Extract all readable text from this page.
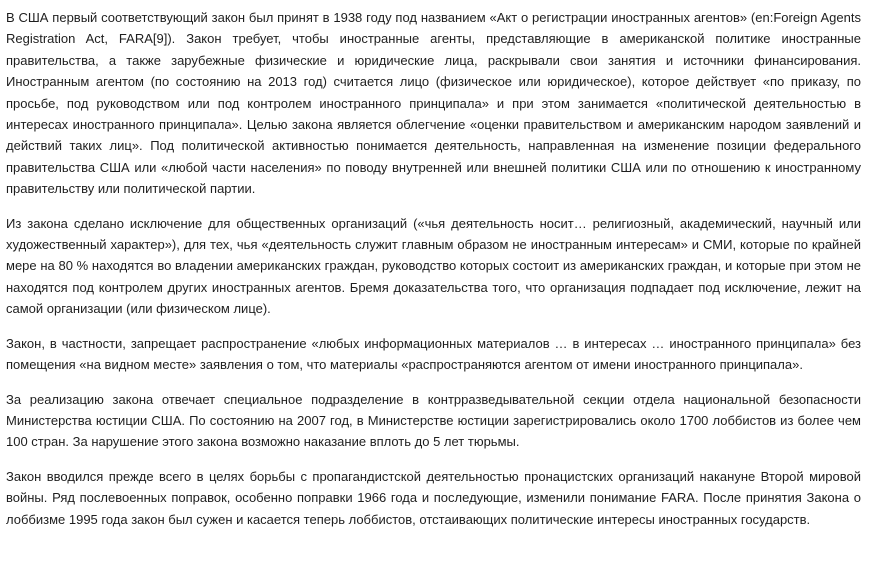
В США первый соответствующий закон был принят в 1938 году под названием «Акт о регистрации иностранных агентов» (en:Foreign Agents Registration Act, FARA[9]). Закон требует, чтобы иностранные агенты, представляющие в американской политике иностранные правительства, а также зарубежные физические и юридические лица, раскрывали свои занятия и источники финансирования. Иностранным агентом (по состоянию на 2013 год) считается лицо (физическое или юридическое), которое действует «по приказу, по просьбе, под руководством или под контролем иностранного принципала» и при этом занимается «политической деятельностью в интересах иностранного принципала». Целью закона является облегчение «оценки правительством и американским народом заявлений и действий таких лиц». Под политической активностью понимается деятельность, направленная на изменение позиции федерального правительства США или «любой части населения» по поводу внутренней или внешней политики США или по отношению к иностранному правительству или политической партии.

Из закона сделано исключение для общественных организаций («чья деятельность носит… религиозный, академический, научный или художественный характер»), для тех, чья «деятельность служит главным образом не иностранным интересам» и СМИ, которые по крайней мере на 80 % находятся во владении американских граждан, руководство которых состоит из американских граждан, и которые при этом не находятся под контролем других иностранных агентов. Бремя доказательства того, что организация подпадает под исключение, лежит на самой организации (или физическом лице).

Закон, в частности, запрещает распространение «любых информационных материалов … в интересах … иностранного принципала» без помещения «на видном месте» заявления о том, что материалы «распространяются агентом от имени иностранного принципала».

За реализацию закона отвечает специальное подразделение в контрразведывательной секции отдела национальной безопасности Министерства юстиции США. По состоянию на 2007 год, в Министерстве юстиции зарегистрировались около 1700 лоббистов из более чем 100 стран. За нарушение этого закона возможно наказание вплоть до 5 лет тюрьмы.

Закон вводился прежде всего в целях борьбы с пропагандистской деятельностью пронацистских организаций накануне Второй мировой войны. Ряд послевоенных поправок, особенно поправки 1966 года и последующие, изменили понимание FARA. После принятия Закона о лоббизме 1995 года закон был сужен и касается теперь лоббистов, отстаивающих политические интересы иностранных государств.
